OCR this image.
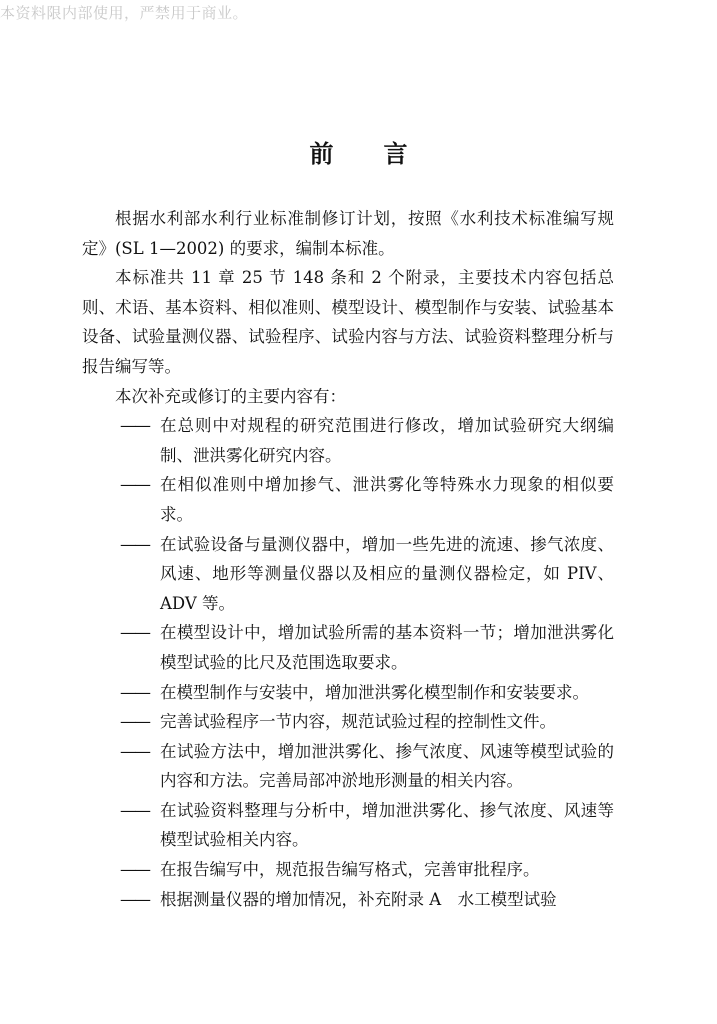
本资料限内部使用，严禁用于商业。
前 言

根据水利部水利行业标准制修订计划，按照《水利技术标准编写规定》(SL 1—2002) 的要求，编制本标准。

本标准共 11 章 25 节 148 条和 2 个附录，主要技术内容包括总则、术语、基本资料、相似准则、模型设计、模型制作与安装、试验基本设备、试验量测仪器、试验程序、试验内容与方法、试验资料整理分析与报告编写等。

本次补充或修订的主要内容有：

—— 在总则中对规程的研究范围进行修改，增加试验研究大纲编制、泄洪雾化研究内容。
—— 在相似准则中增加掺气、泄洪雾化等特殊水力现象的相似要求。
—— 在试验设备与量测仪器中，增加一些先进的流速、掺气浓度、风速、地形等测量仪器以及相应的量测仪器检定，如 PIV、ADV 等。
—— 在模型设计中，增加试验所需的基本资料一节；增加泄洪雾化模型试验的比尺及范围选取要求。
—— 在模型制作与安装中，增加泄洪雾化模型制作和安装要求。
—— 完善试验程序一节内容，规范试验过程的控制性文件。
—— 在试验方法中，增加泄洪雾化、掺气浓度、风速等模型试验的内容和方法。完善局部冲淤地形测量的相关内容。
—— 在试验资料整理与分析中，增加泄洪雾化、掺气浓度、风速等模型试验相关内容。
—— 在报告编写中，规范报告编写格式，完善审批程序。
—— 根据测量仪器的增加情况，补充附录 A　水工模型试验
